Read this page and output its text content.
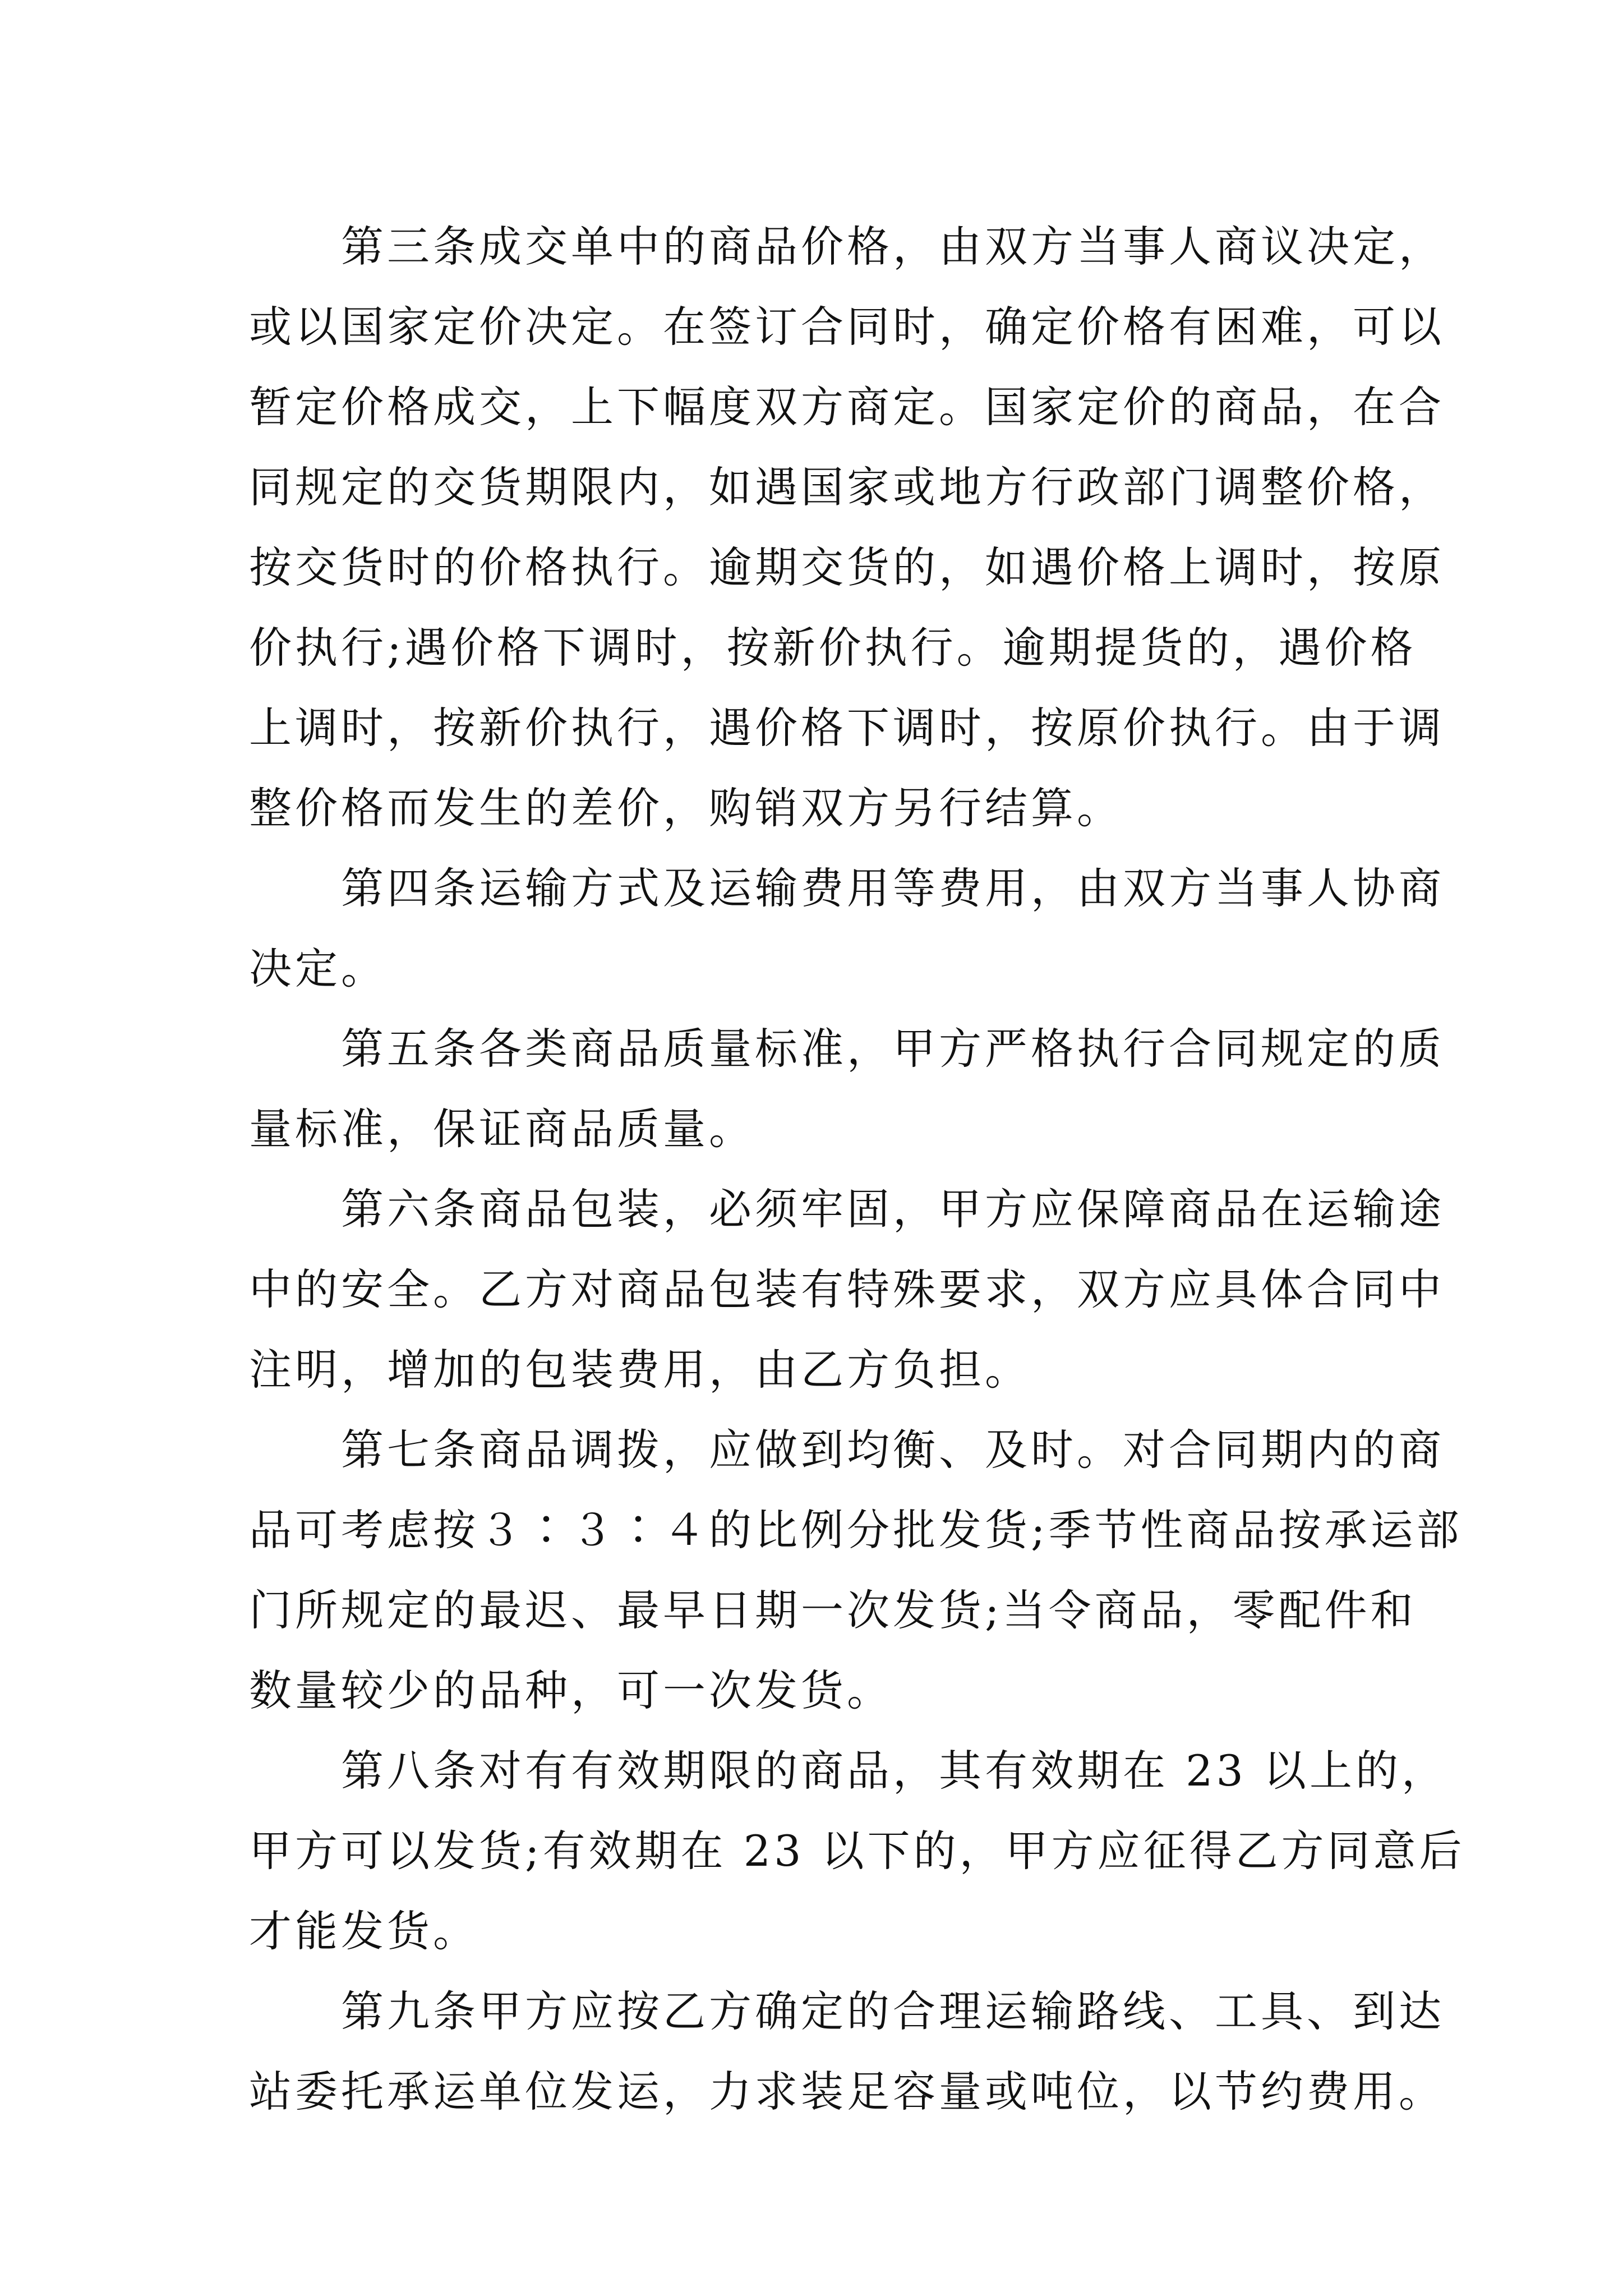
第三条成交单中的商品价格，由双方当事人商议决定，
或以国家定价决定。在签订合同时，确定价格有困难，可以
暂定价格成交，上下幅度双方商定。国家定价的商品，在合
同规定的交货期限内，如遇国家或地方行政部门调整价格，
按交货时的价格执行。逾期交货的，如遇价格上调时，按原
价执行;遇价格下调时，按新价执行。逾期提货的，遇价格
上调时，按新价执行，遇价格下调时，按原价执行。由于调
整价格而发生的差价，购销双方另行结算。
第四条运输方式及运输费用等费用，由双方当事人协商
决定。
第五条各类商品质量标准，甲方严格执行合同规定的质
量标准，保证商品质量。
第六条商品包装，必须牢固，甲方应保障商品在运输途
中的安全。乙方对商品包装有特殊要求，双方应具体合同中
注明，增加的包装费用，由乙方负担。
第七条商品调拨，应做到均衡、及时。对合同期内的商
品可考虑按３∶３∶４的比例分批发货;季节性商品按承运部
门所规定的最迟、最早日期一次发货;当令商品，零配件和
数量较少的品种，可一次发货。
第八条对有有效期限的商品，其有效期在 23 以上的，
甲方可以发货;有效期在 23 以下的，甲方应征得乙方同意后
才能发货。
第九条甲方应按乙方确定的合理运输路线、工具、到达
站委托承运单位发运，力求装足容量或吨位，以节约费用。
